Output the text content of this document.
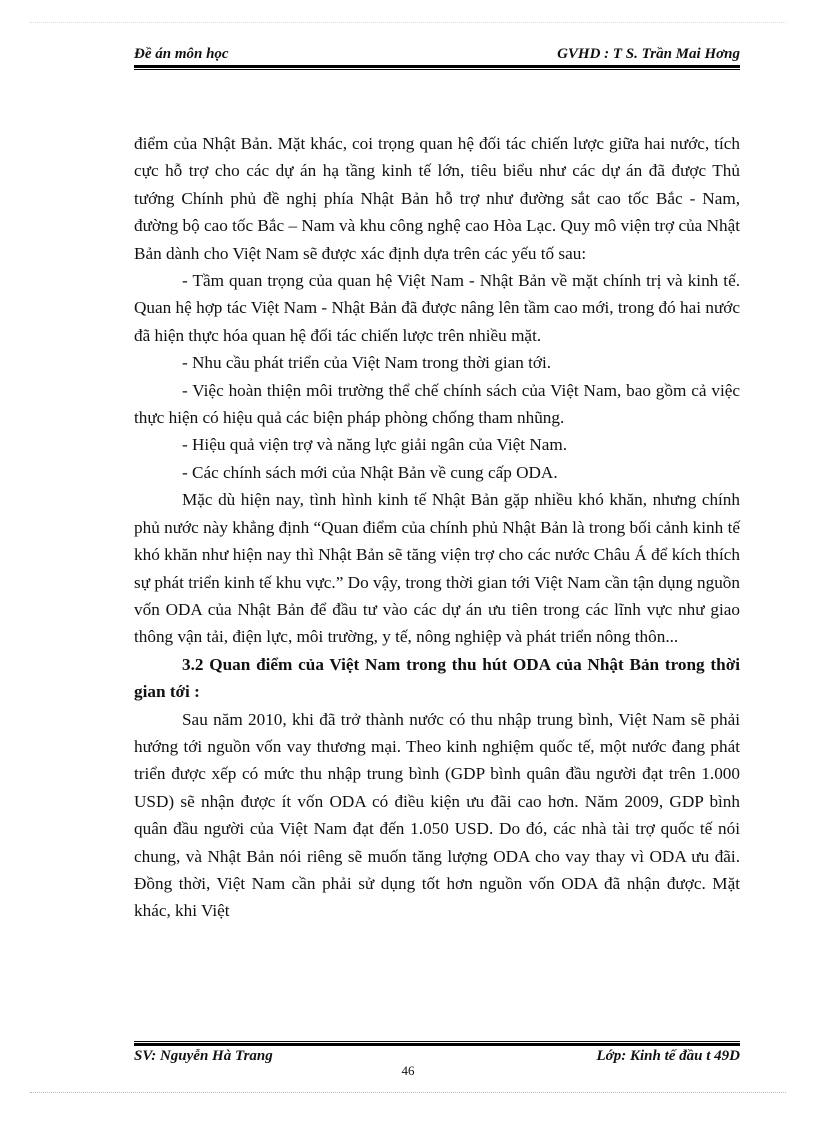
Đề án môn học	GVHD : T S. Trần Mai Hơng

điểm của Nhật Bản. Mặt khác, coi trọng quan hệ đối tác chiến lược giữa hai nước, tích cực hỗ trợ cho các dự án hạ tầng kinh tế lớn, tiêu biểu như các dự án đã được Thủ tướng Chính phủ đề nghị phía Nhật Bản hỗ trợ như đường sắt cao tốc Bắc - Nam, đường bộ cao tốc Bắc – Nam và khu công nghệ cao Hòa Lạc. Quy mô viện trợ của Nhật Bản dành cho Việt Nam sẽ được xác định dựa trên các yếu tố sau:

- Tầm quan trọng của quan hệ Việt Nam - Nhật Bản về mặt chính trị và kinh tế. Quan hệ hợp tác Việt Nam - Nhật Bản đã được nâng lên tầm cao mới, trong đó hai nước đã hiện thực hóa quan hệ đối tác chiến lược trên nhiều mặt.

- Nhu cầu phát triển của Việt Nam trong thời gian tới.

- Việc hoàn thiện môi trường thể chế chính sách của Việt Nam, bao gồm cả việc thực hiện có hiệu quả các biện pháp phòng chống tham nhũng.

- Hiệu quả viện trợ và năng lực giải ngân của Việt Nam.

- Các chính sách mới của Nhật Bản về cung cấp ODA.

Mặc dù hiện nay, tình hình kinh tế Nhật Bản gặp nhiều khó khăn, nhưng chính phủ nước này khẳng định “Quan điểm của chính phủ Nhật Bản là trong bối cảnh kinh tế khó khăn như hiện nay thì Nhật Bản sẽ tăng viện trợ cho các nước Châu Á để kích thích sự phát triển kinh tế khu vực.” Do vậy, trong thời gian tới Việt Nam cần tận dụng nguồn vốn ODA của Nhật Bản để đầu tư vào các dự án ưu tiên trong các lĩnh vực như giao thông vận tải, điện lực, môi trường, y tế, nông nghiệp và phát triển nông thôn...

3.2 Quan điểm của Việt Nam trong thu hút ODA của Nhật Bản trong thời gian tới :

Sau năm 2010, khi đã trở thành nước có thu nhập trung bình, Việt Nam sẽ phải hướng tới nguồn vốn vay thương mại. Theo kinh nghiệm quốc tế, một nước đang phát triển được xếp có mức thu nhập trung bình (GDP bình quân đầu người đạt trên 1.000 USD) sẽ nhận được ít vốn ODA có điều kiện ưu đãi cao hơn. Năm 2009, GDP bình quân đầu người của Việt Nam đạt đến 1.050 USD. Do đó, các nhà tài trợ quốc tế nói chung, và Nhật Bản nói riêng sẽ muốn tăng lượng ODA cho vay thay vì ODA ưu đãi. Đồng thời, Việt Nam cần phải sử dụng tốt hơn nguồn vốn ODA đã nhận được. Mặt khác, khi Việt

SV: Nguyễn Hà Trang	Lớp: Kinh tế đầu t 49D
46
